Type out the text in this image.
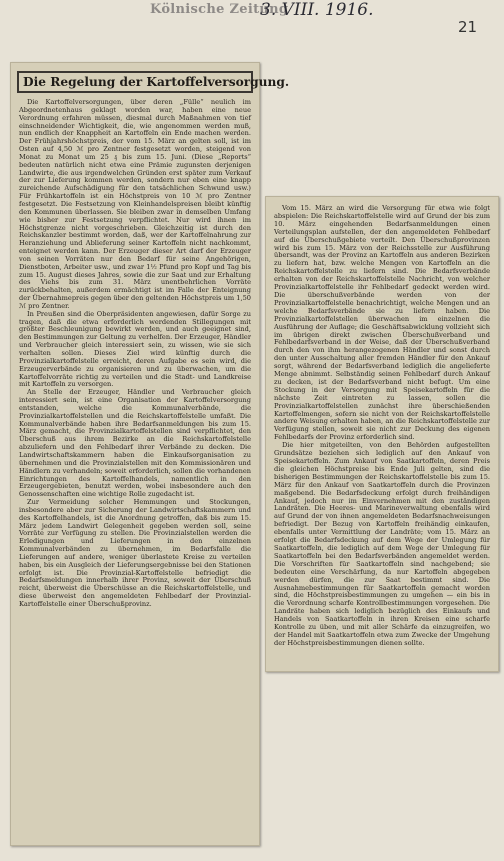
Kölnische Zeitung
3. VIII. 1916.
21
Die Regelung der Kartoffelversorgung.

Die Kartoffelversorgungen, über deren „Fülle“ neulich im Abgeordnetenhaus geklagt worden war, haben eine neue Verordnung erfahren müssen, diesmal durch Maßnahmen von tief einschneidender Wichtigkeit, die, wie angenommen werden muß, nun endlich der Knappheit an Kartoffeln ein Ende machen werden. Der Frühjahrshöchstpreis, der vom 15. März an gelten soll, ist im Osten auf 4,50 ℳ pro Zentner festgesetzt worden, steigend von Monat zu Monat um 25 ₰ bis zum 15. Juni. (Diese „Reports“ bedeuten natürlich nicht etwa eine Prämie zugunsten derjenigen Landwirte, die aus irgendwelchen Gründen erst später zum Verkauf der zur Lieferung kommen werden, sondern nur eben eine knapp zureichende Aufschädigung für den tatsächlichen Schwund usw.) Für Frühkartoffeln ist ein Höchstpreis von 10 ℳ pro Zentner festgesetzt. Die Festsetzung von Kleinhandelspreisen bleibt künftig den Kommunen überlassen. Sie bleiben zwar in demselben Umfang wie bisher zur Festsetzung verpflichtet. Nur wird ihnen im Höchstgrenze nicht vorgeschrieben. Gleichzeitig ist durch den Reichskanzler bestimmt worden, daß, wer der Kartoffelnahrung zur Heranziehung und Ablieferung seiner Kartoffeln nicht nachkommt, enteignet werden kann. Der Erzeuger dieser Art darf der Erzeuger von seinen Vorräten nur den Bedarf für seine Angehörigen, Dienstboten, Arbeiter usw., und zwar 1½ Pfund pro Kopf und Tag bis zum 15. August dieses Jahres, sowie die zur Saat und zur Erhaltung des Viehs bis zum 31. März unentbehrlichen Vorräte zurückbehalten, außerdem ermächtigt ist im Falle der Enteignung der Übernahmepreis gegen über den geltenden Höchstpreis um 1,50 ℳ pro Zentner.

In Preußen sind die Oberpräsidenten angewiesen, dafür Sorge zu tragen, daß die etwa erforderlich werdenden Stillegungen mit größter Beschleunigung bewirkt werden, und auch geeignet sind, den Bestimmungen zur Geltung zu verhelfen. Der Erzeuger, Händler und Verbraucher gleich interessiert sein, zu wissen, wie sie sich verhalten sollen. Dieses Ziel wird künftig durch die Provinzialkartoffelstelle erreicht, deren Aufgabe es sein wird, die Erzeugerverbände zu organisieren und zu überwachen, um die Kartoffelvorräte richtig zu verteilen und die Stadt- und Landkreise mit Kartoffeln zu versorgen.

An Stelle der Erzeuger, Händler und Verbraucher gleich interessiert sein, ist eine Organisation der Kartoffelversorgung entstanden, welche die Kommunalverbände, die Provinzialkartoffelstellen und die Reichskartoffelstelle umfaßt. Die Kommunalverbände haben ihre Bedarfsanmeldungen bis zum 15. März gemacht, die Provinzialkartoffelstellen sind verpflichtet, den Überschuß aus ihrem Bezirke an die Reichskartoffelstelle abzuliefern und den Fehlbedarf ihrer Verbände zu decken. Die Landwirtschaftskammern haben die Einkaufsorganisation zu übernehmen und die Provinzialstellen mit den Kommissionären und Händlern zu verhandeln; soweit erforderlich, sollen die vorhandenen Einrichtungen des Kartoffelhandels, namentlich in den Erzeugergebieten, benutzt werden, wobei insbesondere auch den Genossenschaften eine wichtige Rolle zugedacht ist.

Zur Vermeidung solcher Hemmungen und Stockungen, insbesondere aber zur Sicherung der Landwirtschaftskammern und des Kartoffelhandels, ist die Anordnung getroffen, daß bis zum 15. März jedem Landwirt Gelegenheit gegeben werden soll, seine Vorräte zur Verfügung zu stellen. Die Provinzialstellen werden die Erledigungen und Lieferungen in den einzelnen Kommunalverbänden zu übernehmen, im Bedarfsfalle die Lieferungen auf andere, weniger überlastete Kreise zu verteilen haben, bis ein Ausgleich der Lieferungsergebnisse bei den Stationen erfolgt ist. Die Provinzial-Kartoffelstelle befriedigt die Bedarfsmeldungen innerhalb ihrer Provinz, soweit der Überschuß reicht, überweist die Überschüsse an die Reichskartoffelstelle, und diese überweist den angemeldeten Fehlbedarf der Provinzial-Kartoffelstelle einer Überschußprovinz.

Vom 15. März an wird die Versorgung für etwa wie folgt abspielen: Die Reichskartoffelstelle wird auf Grund der bis zum 10. März eingehenden Bedarfsanmeldungen einen Verteilungsplan aufstellen, der den angemeldeten Fehlbedarf auf die Überschußgebiete verteilt. Den Überschußprovinzen wird bis zum 15. März von der Reichsstelle zur Ausführung übersandt, was der Provinz an Kartoffeln aus anderen Bezirken zu liefern hat, bzw. welche Mengen von Kartoffeln an die Reichskartoffelstelle zu liefern sind. Die Bedarfsverbände erhalten von der Reichskartoffelstelle Nachricht, von welcher Provinzialkartoffelstelle ihr Fehlbedarf gedeckt werden wird. Die überschußverbände werden von der Provinzialkartoffelstelle benachrichtigt, welche Mengen und an welche Bedarfsverbände sie zu liefern haben. Die Provinzialkartoffelstellen überwachen im einzelnen die Ausführung der Auflage; die Geschäftsabwicklung vollzieht sich im übrigen direkt zwischen Überschußverband und Fehlbedarfsverband in der Weise, daß der Überschußverband durch den von ihm herangezogenen Händler und sonst durch den unter Ausschaltung aller fremden Händler für den Ankauf sorgt, während der Bedarfsverband lediglich die angelieferte Menge abnimmt. Selbständig seinen Fehlbedarf durch Ankauf zu decken, ist der Bedarfsverband nicht befugt. Um eine Stockung in der Versorgung mit Speisekartoffeln für die nächste Zeit eintreten zu lassen, sollen die Provinzialkartoffelstellen zunächst ihre überschießenden Kartoffelmengen, sofern sie nicht von der Reichskartoffelstelle andere Weisung erhalten haben, an die Reichskartoffelstelle zur Verfügung stellen, soweit sie nicht zur Deckung des eigenen Fehlbedarfs der Provinz erforderlich sind.

Die hier mitgeteilten, von den Behörden aufgestellten Grundsätze beziehen sich lediglich auf den Ankauf von Speisekartoffeln. Zum Ankauf von Saatkartoffeln, deren Preis die gleichen Höchstpreise bis Ende Juli gelten, sind die bisherigen Bestimmungen der Reichskartoffelstelle bis zum 15. März für den Ankauf von Saatkartoffeln durch die Provinzen maßgebend. Die Bedarfsdeckung erfolgt durch freihändigen Ankauf, jedoch nur im Einvernehmen mit den zuständigen Landräten. Die Heeres- und Marineverwaltung ebenfalls wird auf Grund der von ihnen angemeldeten Bedarfsnachweisungen befriedigt. Der Bezug von Kartoffeln freihändig einkaufen, ebenfalls unter Vermittlung der Landräte; vom 15. März an erfolgt die Bedarfsdeckung auf dem Wege der Umlegung für Saatkartoffeln, die lediglich auf dem Wege der Umlegung für Saatkartoffeln bei den Bedarfsverbänden angemeldet werden. Die Vorschriften für Saatkartoffeln sind nachgebend; sie bedeuten eine Verschärfung, da nur Kartoffeln abgegeben werden dürfen, die zur Saat bestimmt sind. Die Ausnahmebestimmungen für Saatkartoffeln gemacht worden sind, die Höchstpreisbestimmungen zu umgehen — ein bis in die Verordnung scharfe Kontrollbestimmungen vorgesehen. Die Landräte haben sich lediglich bezüglich des Einkaufs und Handels von Saatkartoffeln in ihren Kreisen eine scharfe Kontrolle zu üben, und mit aller Schärfe da einzugreifen, wo der Handel mit Saatkartoffeln etwa zum Zwecke der Umgehung der Höchstpreisbestimmungen dienen sollte.
